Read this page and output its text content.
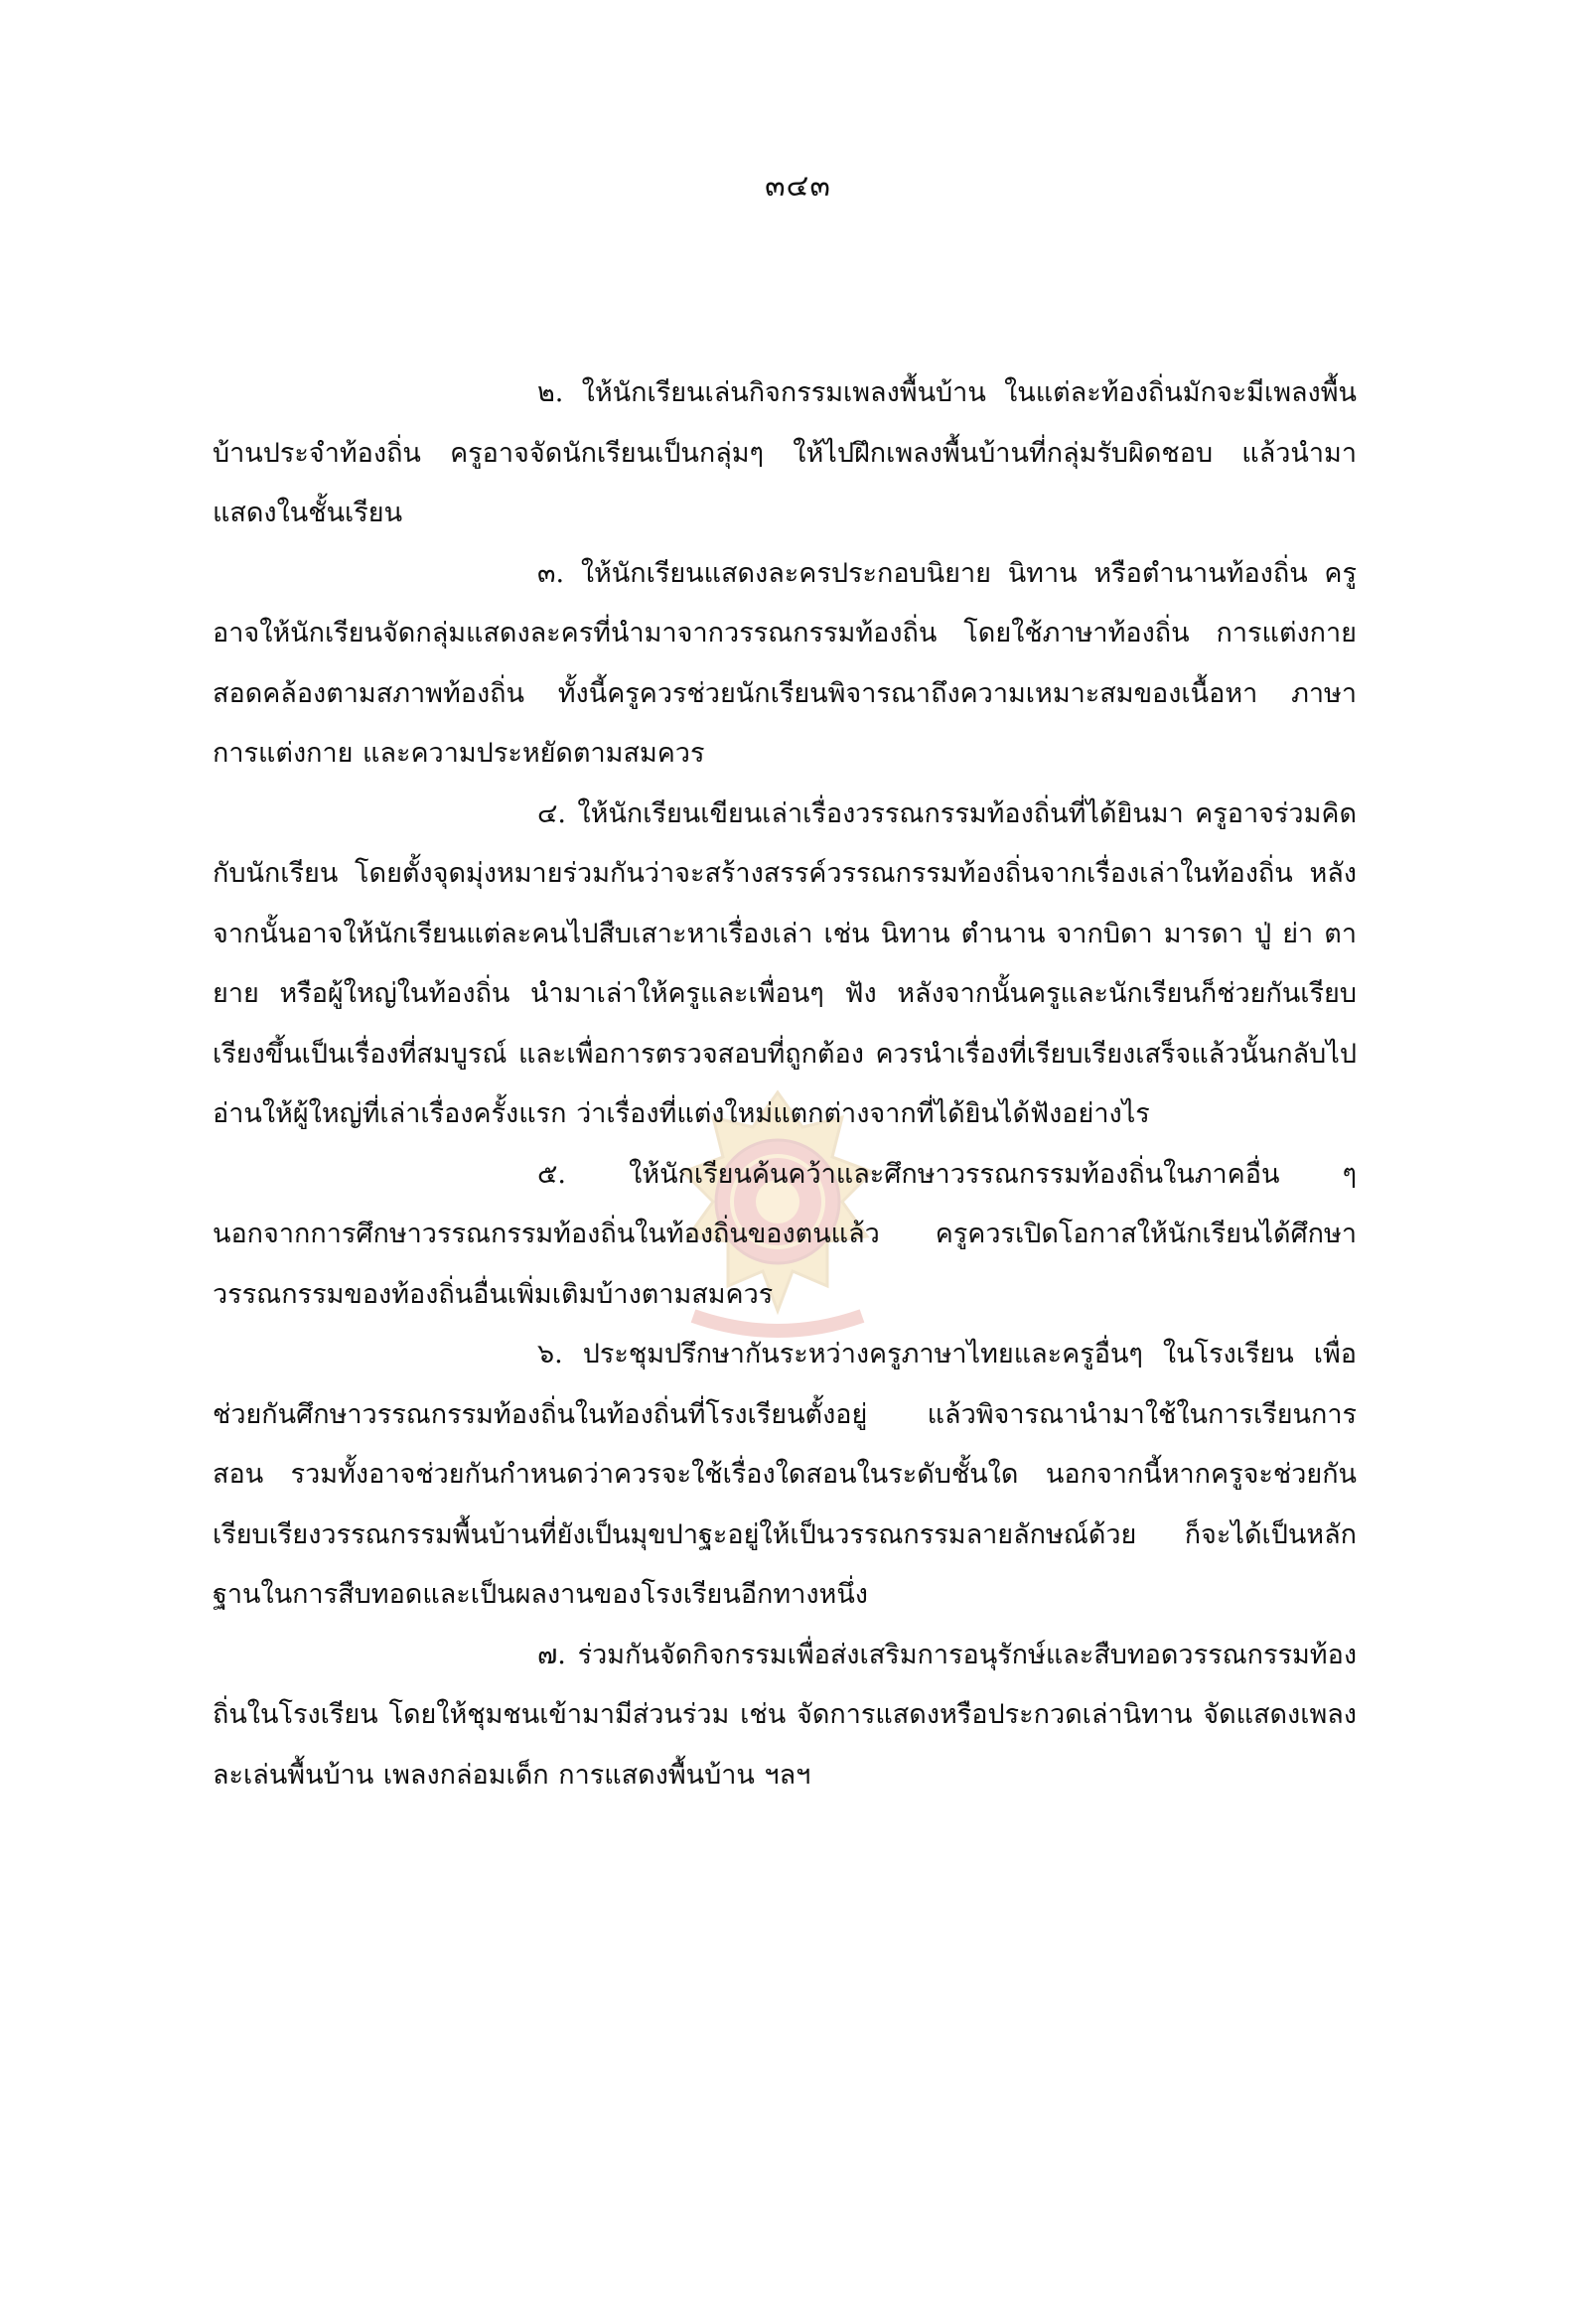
๓๔๓

๒. ให้นักเรียนเล่นกิจกรรมเพลงพื้นบ้าน ในแต่ละท้องถิ่นมักจะมีเพลงพื้นบ้านประจำท้องถิ่น ครูอาจจัดนักเรียนเป็นกลุ่มๆ ให้ไปฝึกเพลงพื้นบ้านที่กลุ่มรับผิดชอบ แล้วนำมาแสดงในชั้นเรียน

๓. ให้นักเรียนแสดงละครประกอบนิยาย นิทาน หรือตำนานท้องถิ่น ครูอาจให้นักเรียนจัดกลุ่มแสดงละครที่นำมาจากวรรณกรรมท้องถิ่น โดยใช้ภาษาท้องถิ่น การแต่งกายสอดคล้องตามสภาพท้องถิ่น ทั้งนี้ครูควรช่วยนักเรียนพิจารณาถึงความเหมาะสมของเนื้อหา ภาษา การแต่งกาย และความประหยัดตามสมควร

๔. ให้นักเรียนเขียนเล่าเรื่องวรรณกรรมท้องถิ่นที่ได้ยินมา ครูอาจร่วมคิดกับนักเรียน โดยตั้งจุดมุ่งหมายร่วมกันว่าจะสร้างสรรค์วรรณกรรมท้องถิ่นจากเรื่องเล่าในท้องถิ่น หลังจากนั้นอาจให้นักเรียนแต่ละคนไปสืบเสาะหาเรื่องเล่า เช่น นิทาน ตำนาน จากบิดา มารดา ปู่ ย่า ตา ยาย หรือผู้ใหญ่ในท้องถิ่น นำมาเล่าให้ครูและเพื่อนๆ ฟัง หลังจากนั้นครูและนักเรียนก็ช่วยกันเรียบเรียงขึ้นเป็นเรื่องที่สมบูรณ์ และเพื่อการตรวจสอบที่ถูกต้อง ควรนำเรื่องที่เรียบเรียงเสร็จแล้วนั้นกลับไปอ่านให้ผู้ใหญ่ที่เล่าเรื่องครั้งแรก ว่าเรื่องที่แต่งใหม่แตกต่างจากที่ได้ยินได้ฟังอย่างไร

๕. ให้นักเรียนค้นคว้าและศึกษาวรรณกรรมท้องถิ่นในภาคอื่น ๆ นอกจากการศึกษาวรรณกรรมท้องถิ่นในท้องถิ่นของตนแล้ว ครูควรเปิดโอกาสให้นักเรียนได้ศึกษาวรรณกรรมของท้องถิ่นอื่นเพิ่มเติมบ้างตามสมควร

๖. ประชุมปรึกษากันระหว่างครูภาษาไทยและครูอื่นๆ ในโรงเรียน เพื่อช่วยกันศึกษาวรรณกรรมท้องถิ่นในท้องถิ่นที่โรงเรียนตั้งอยู่ แล้วพิจารณานำมาใช้ในการเรียนการสอน รวมทั้งอาจช่วยกันกำหนดว่าควรจะใช้เรื่องใดสอนในระดับชั้นใด นอกจากนี้หากครูจะช่วยกันเรียบเรียงวรรณกรรมพื้นบ้านที่ยังเป็นมุขปาฐะอยู่ให้เป็นวรรณกรรมลายลักษณ์ด้วย ก็จะได้เป็นหลักฐานในการสืบทอดและเป็นผลงานของโรงเรียนอีกทางหนึ่ง

๗. ร่วมกันจัดกิจกรรมเพื่อส่งเสริมการอนุรักษ์และสืบทอดวรรณกรรมท้องถิ่นในโรงเรียน โดยให้ชุมชนเข้ามามีส่วนร่วม เช่น จัดการแสดงหรือประกวดเล่านิทาน จัดแสดงเพลงละเล่นพื้นบ้าน เพลงกล่อมเด็ก การแสดงพื้นบ้าน ฯลฯ
